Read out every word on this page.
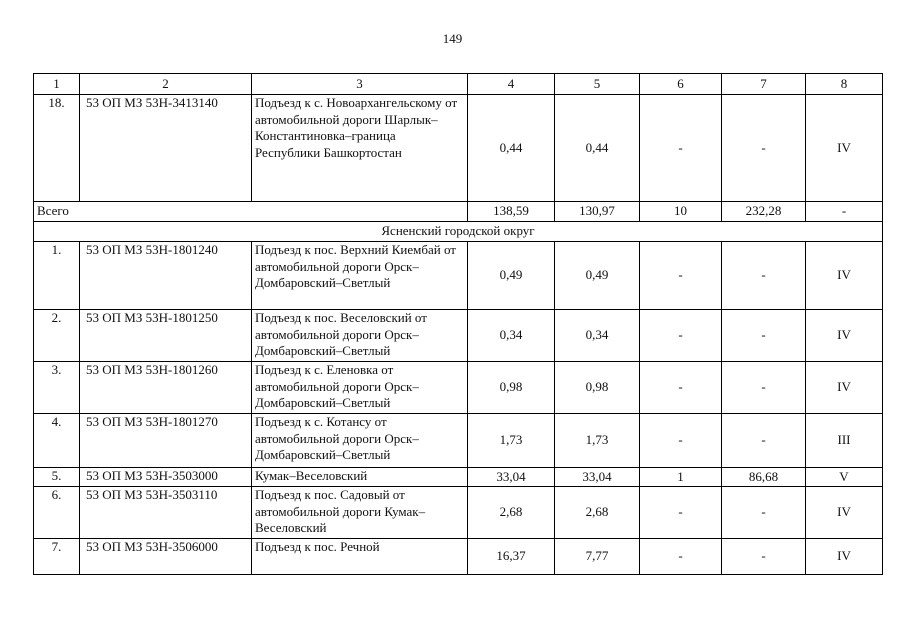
149
1	2	3	4	5	6	7	8
18.	53 ОП МЗ 53Н-3413140	Подъезд к с. Новоархангельскому от автомобильной дороги Шарлык–Константиновка–граница Республики Башкортостан	0,44	0,44	-	-	IV
Всего			138,59	130,97	10	232,28	-
Ясненский городской округ							
1.	53 ОП МЗ 53Н-1801240	Подъезд к пос. Верхний Киембай от автомобильной дороги Орск–Домбаровский–Светлый	0,49	0,49	-	-	IV
2.	53 ОП МЗ 53Н-1801250	Подъезд к пос. Веселовский от автомобильной дороги Орск–Домбаровский–Светлый	0,34	0,34	-	-	IV
3.	53 ОП МЗ 53Н-1801260	Подъезд к с. Еленовка от автомобильной дороги Орск–Домбаровский–Светлый	0,98	0,98	-	-	IV
4.	53 ОП МЗ 53Н-1801270	Подъезд к с. Котансу от автомобильной дороги Орск–Домбаровский–Светлый	1,73	1,73	-	-	III
5.	53 ОП МЗ 53Н-3503000	Кумак–Веселовский	33,04	33,04	1	86,68	V
6.	53 ОП МЗ 53Н-3503110	Подъезд к пос. Садовый от автомобильной дороги Кумак–Веселовский	2,68	2,68	-	-	IV
7.	53 ОП МЗ 53Н-3506000	Подъезд к пос. Речной	16,37	7,77	-	-	IV
